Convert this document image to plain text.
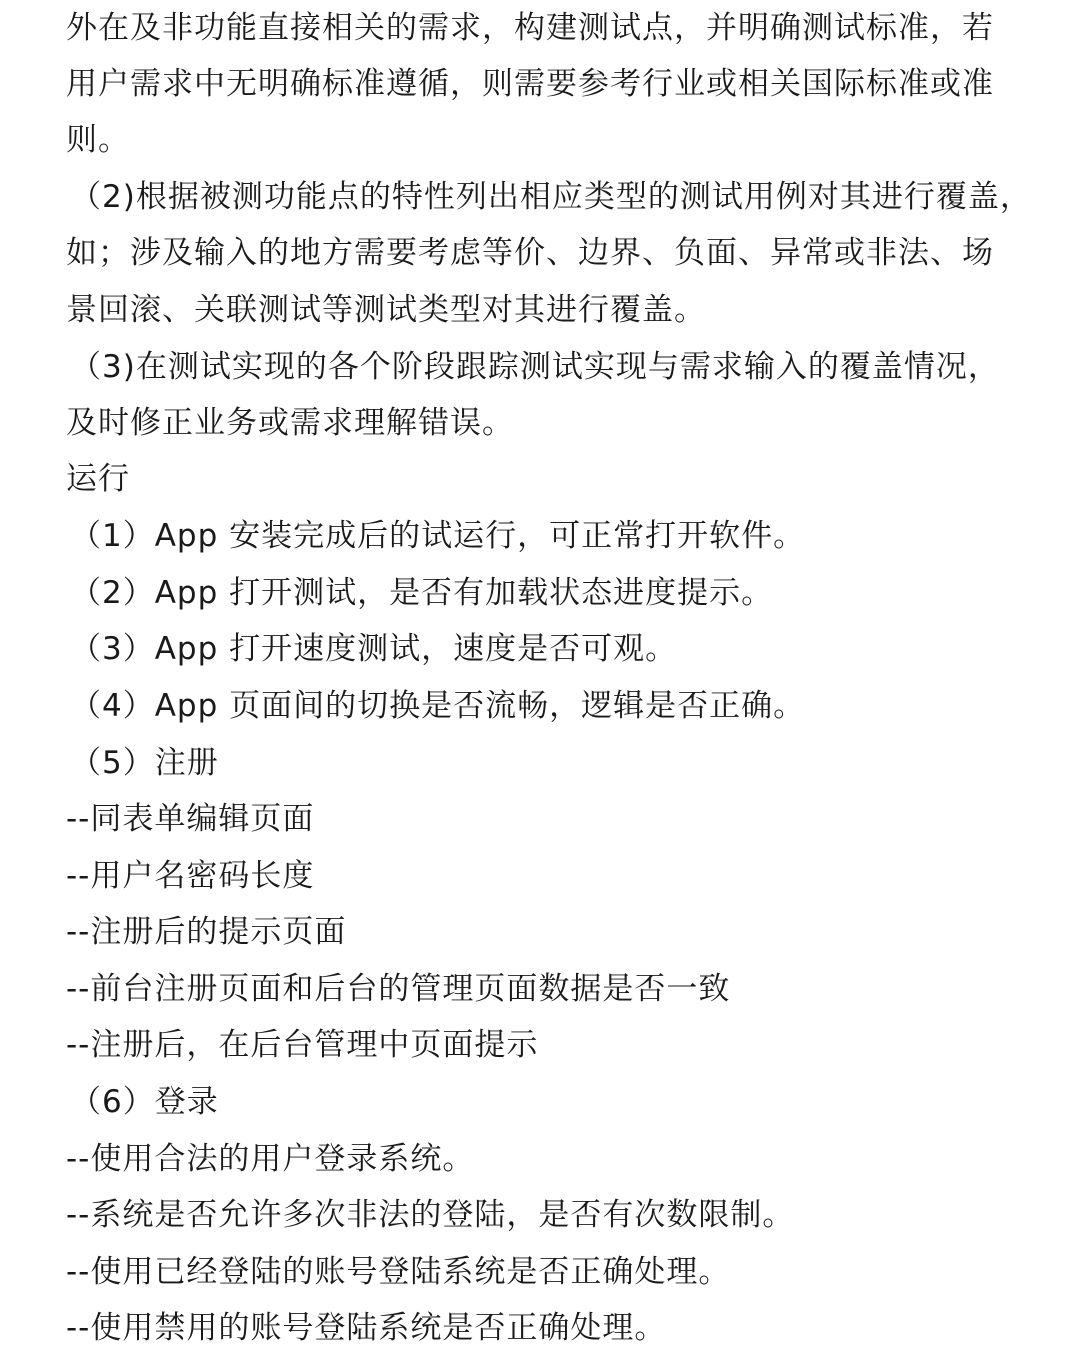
外在及非功能直接相关的需求，构建测试点，并明确测试标准，若
用户需求中无明确标准遵循，则需要参考行业或相关国际标准或准
则。
（2)根据被测功能点的特性列出相应类型的测试用例对其进行覆盖，
如；涉及输入的地方需要考虑等价、边界、负面、异常或非法、场
景回滚、关联测试等测试类型对其进行覆盖。
（3)在测试实现的各个阶段跟踪测试实现与需求输入的覆盖情况，
及时修正业务或需求理解错误。
运行
（1）App 安装完成后的试运行，可正常打开软件。
（2）App 打开测试，是否有加载状态进度提示。
（3）App 打开速度测试，速度是否可观。
（4）App 页面间的切换是否流畅，逻辑是否正确。
（5）注册
--同表单编辑页面
--用户名密码长度
--注册后的提示页面
--前台注册页面和后台的管理页面数据是否一致
--注册后，在后台管理中页面提示
（6）登录
--使用合法的用户登录系统。
--系统是否允许多次非法的登陆，是否有次数限制。
--使用已经登陆的账号登陆系统是否正确处理。
--使用禁用的账号登陆系统是否正确处理。
